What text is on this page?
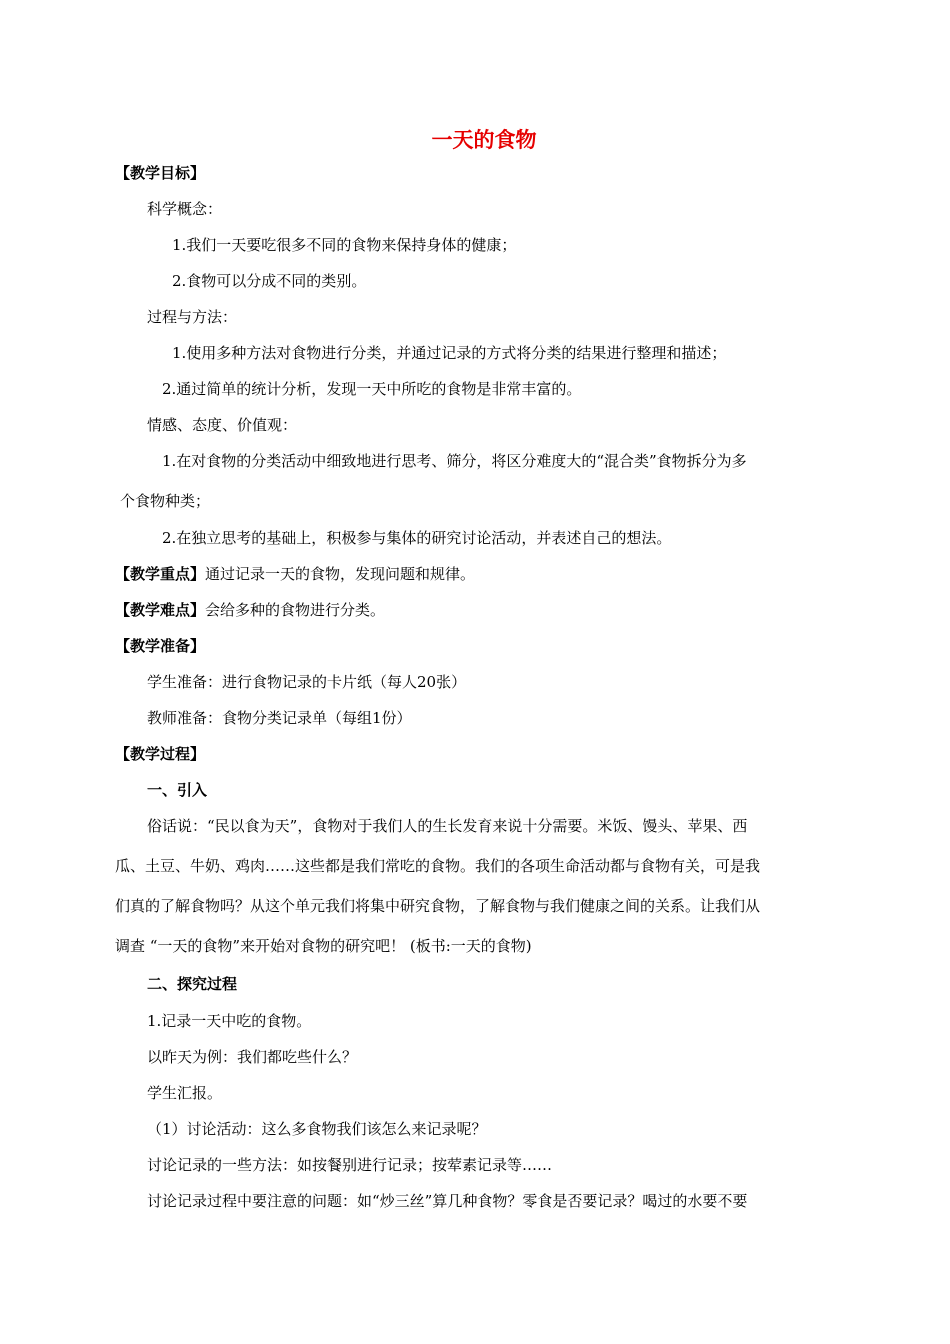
一天的食物
【教学目标】
科学概念：
1.我们一天要吃很多不同的食物来保持身体的健康；
2.食物可以分成不同的类别。
过程与方法：
1.使用多种方法对食物进行分类，并通过记录的方式将分类的结果进行整理和描述；
2.通过简单的统计分析，发现一天中所吃的食物是非常丰富的。
情感、态度、价值观：
1.在对食物的分类活动中细致地进行思考、筛分，将区分难度大的“混合类”食物拆分为多
个食物种类；
2.在独立思考的基础上，积极参与集体的研究讨论活动，并表述自己的想法。
【教学重点】通过记录一天的食物，发现问题和规律。
【教学难点】会给多种的食物进行分类。
【教学准备】
学生准备：进行食物记录的卡片纸（每人20张）
教师准备：食物分类记录单（每组1份）
【教学过程】
一、引入
俗话说：“民以食为天”，食物对于我们人的生长发育来说十分需要。米饭、馒头、苹果、西
瓜、土豆、牛奶、鸡肉……这些都是我们常吃的食物。我们的各项生命活动都与食物有关，可是我
们真的了解食物吗？从这个单元我们将集中研究食物，了解食物与我们健康之间的关系。让我们从
调查 “一天的食物”来开始对食物的研究吧！ (板书:一天的食物)
二、探究过程
1.记录一天中吃的食物。
以昨天为例：我们都吃些什么？
学生汇报。
（1）讨论活动：这么多食物我们该怎么来记录呢？
讨论记录的一些方法：如按餐别进行记录；按荤素记录等……
讨论记录过程中要注意的问题：如“炒三丝”算几种食物？零食是否要记录？喝过的水要不要
